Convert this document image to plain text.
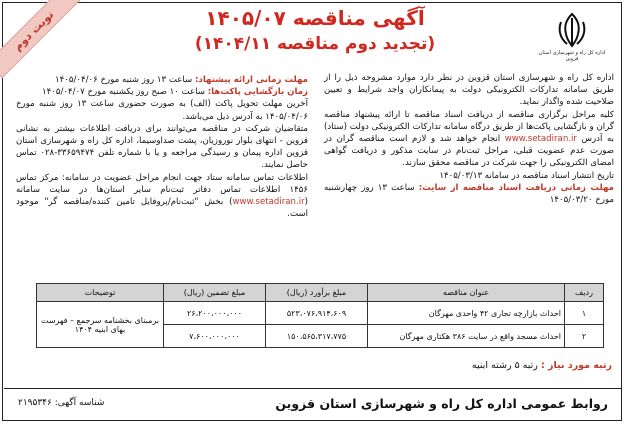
اداره کل راه و شهرسازی استان قزوین
نوبت دوم	آگهی مناقصه ۱۴۰۵/۰۷
(تجدید دوم مناقصه ۱۴۰۴/۱۱)
اداره کل راه و شهرسازی استان قزوین در نظر دارد موارد مشروحه ذیل را از طریق سامانه تدارکات الکترونیکی دولت به پیمانکاران واجد شرایط و تعیین صلاحیت شده واگذار نماید.
کلیه مراحل برگزاری مناقصه از دریافت اسناد مناقصه تا ارائه پیشنهاد مناقصه گران و بازگشایی پاکت‌ها از طریق درگاه سامانه تدارکات الکترونیکی دولت (ستاد) به آدرس www.setadiran.ir انجام خواهد شد و لازم است مناقصه گران در صورت عدم عضویت قبلی، مراحل ثبت‌نام در سایت مذکور و دریافت گواهی امضای الکترونیکی را جهت شرکت در مناقصه محقق سازند.
تاریخ انتشار اسناد مناقصه در سامانه ۱۴۰۵/۰۳/۱۳
مهلت زمانی دریافت اسناد مناقصه از سایت: ساعت ۱۳ روز چهارشنبه مورخ ۱۴۰۵/۰۳/۲۰
مهلت زمانی ارائه پیشنهاد: ساعت ۱۳ روز شنبه مورخ ۱۴۰۵/۰۴/۰۶
زمان بازگشایی پاکت‌ها: ساعت ۱۰ صبح روز یکشنبه مورخ ۱۴۰۵/۰۴/۰۷
آخرین مهلت تحویل پاکت (الف) به صورت حضوری ساعت ۱۳ روز شنبه مورخ ۱۴۰۵/۰۴/۰۶ به آدرس ذیل می‌باشد.
متقاضیان شرکت در مناقصه می‌توانند برای دریافت اطلاعات بیشتر به نشانی قزوین - انتهای بلوار نوروزیان، پشت صداوسیما، اداره کل راه و شهرسازی استان قزوین اداره پیمان و رسیدگی مراجعه و یا با شماره تلفن ۳۳۶۵۹۴۷۴-۰۲۸ تماس حاصل نمایند.
اطلاعات تماس سامانه ستاد جهت انجام مراحل عضویت در سامانه: مرکز تماس ۱۴۵۶ اطلاعات تماس دفاتر ثبت‌نام سایر استان‌ها در سایت سامانه (www.setadiran.ir) بخش "ثبت‌نام/پروفایل تامین کننده/مناقصه گر" موجود است.
ردیف	عنوان مناقصه	مبلغ برآورد (ریال)	مبلغ تضمین (ریال)	توضیحات
۱	احداث بازارچه تجاری ۴۲ واحدی مهرگان	۵۲۳،۰۷۶،۹۱۴،۶۰۹	۲۶،۲۰۰،۰۰۰،۰۰۰	برمبنای بخشنامه سرجمع – فهرست بهای ابنیه ۱۴۰۴
۲	احداث مسجد واقع در سایت ۳۸۶ هکتاری مهرگان	۱۵۰،۵۶۵،۳۱۷،۷۷۵	۷،۶۰۰،۰۰۰،۰۰۰	
رتبه مورد نیاز : رتبه ۵ رشته ابنیه
روابط عمومی اداره کل راه و شهرسازی استان قزوین
شناسه آگهی: ۲۱۹۵۳۴۶
